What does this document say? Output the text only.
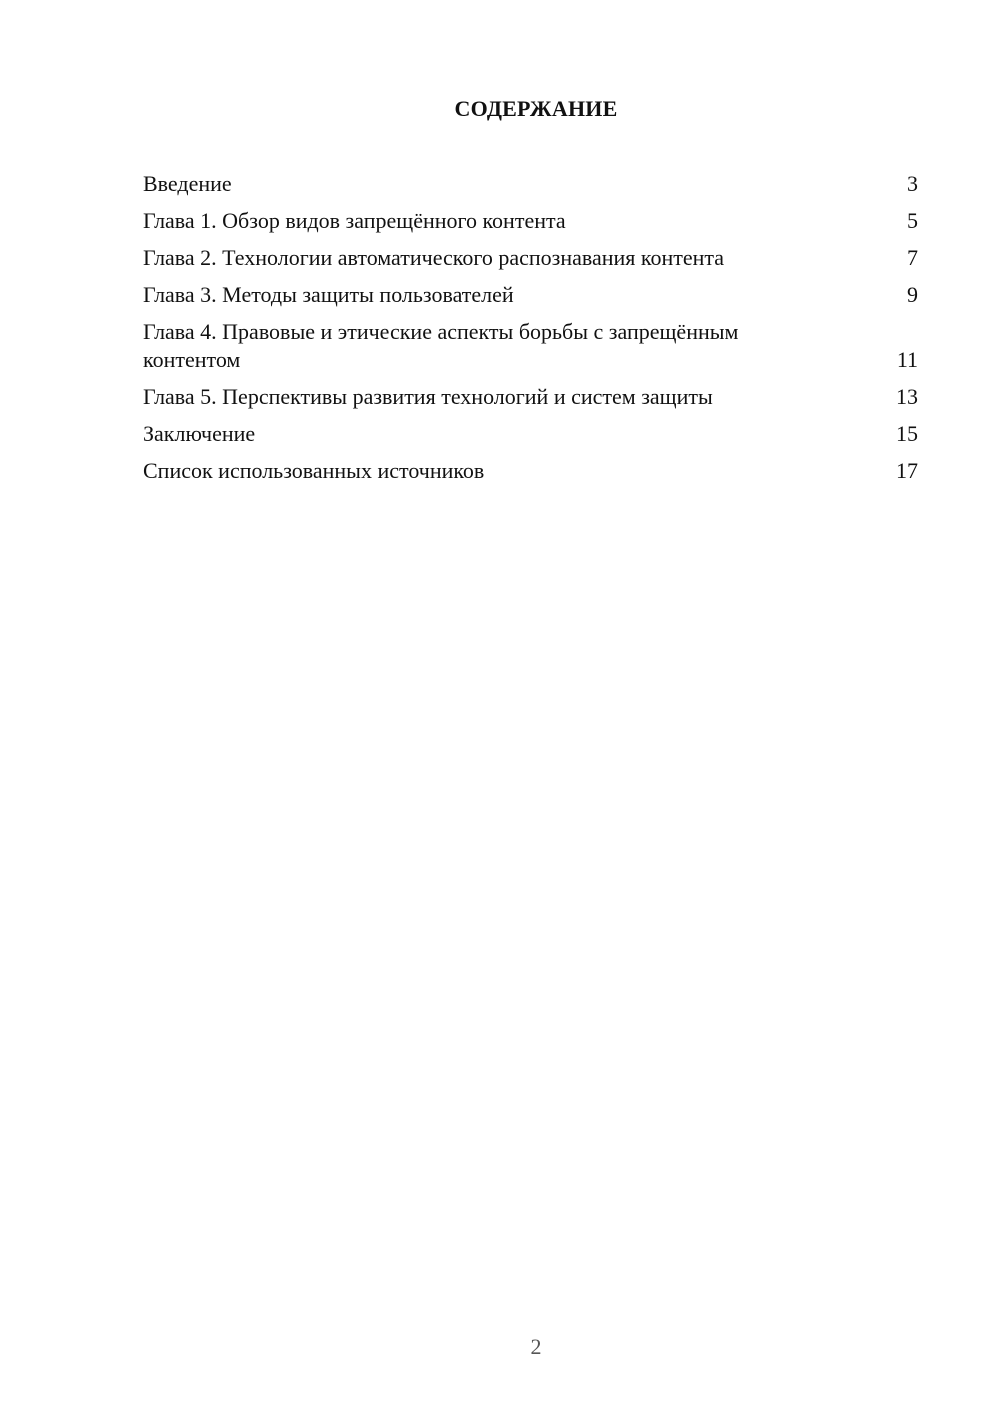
СОДЕРЖАНИЕ
Введение	3
Глава 1. Обзор видов запрещённого контента	5
Глава 2. Технологии автоматического распознавания контента	7
Глава 3. Методы защиты пользователей	9
Глава 4. Правовые и этические аспекты борьбы с запрещённым контентом	11
Глава 5. Перспективы развития технологий и систем защиты	13
Заключение	15
Список использованных источников	17
2
